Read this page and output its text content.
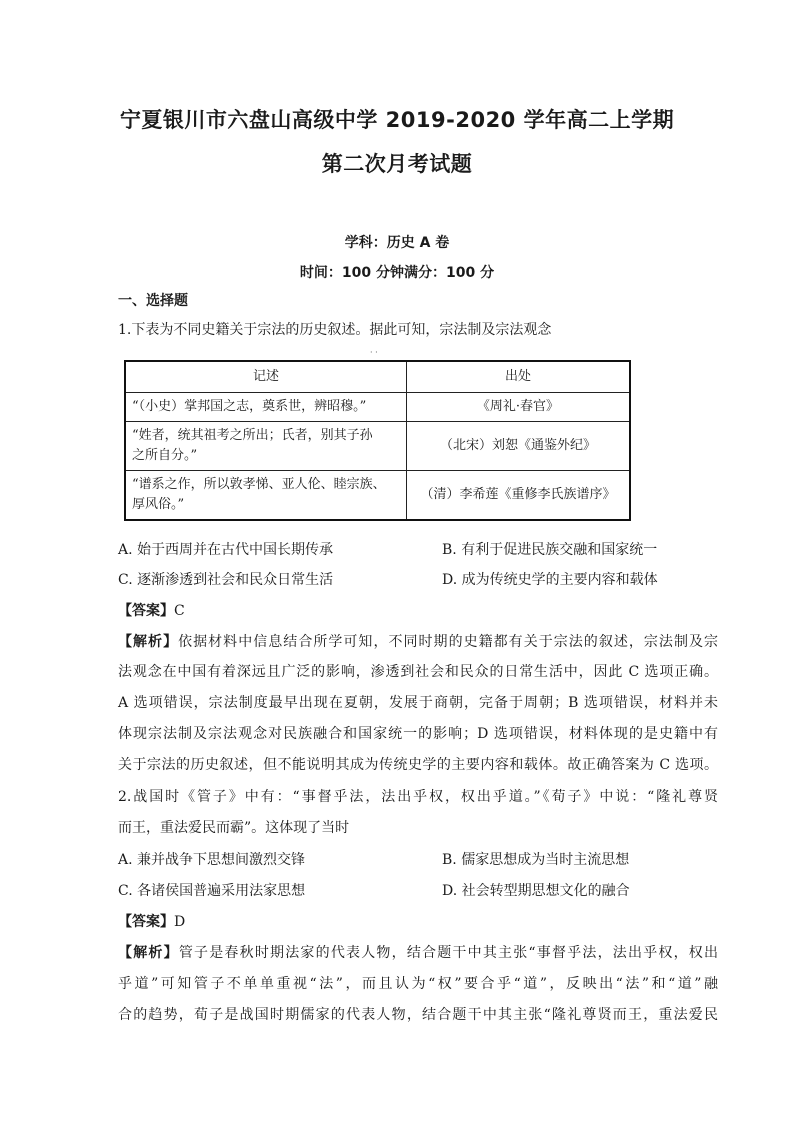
宁夏银川市六盘山高级中学 2019-2020 学年高二上学期
第二次月考试题
学科：历史 A 卷
时间：100 分钟满分：100 分
一、选择题
1.下表为不同史籍关于宗法的历史叙述。据此可知，宗法制及宗法观念
· ·
记述	出处
“（小史）掌邦国之志，奠系世，辨昭穆。”	《周礼·春官》

“姓者，统其祖考之所出；氏者，别其子孙
之所自分。”	（北宋）刘恕《通鉴外纪》

“谱系之作，所以敦孝悌、亚人伦、睦宗族、
厚风俗。”	（清）李希莲《重修李氏族谱序》
A. 始于西周并在古代中国长期传承	B. 有利于促进民族交融和国家统一
C. 逐渐渗透到社会和民众日常生活	D. 成为传统史学的主要内容和载体
【答案】C
【解析】依据材料中信息结合所学可知，不同时期的史籍都有关于宗法的叙述，宗法制及宗
法观念在中国有着深远且广泛的影响，渗透到社会和民众的日常生活中，因此 C 选项正确。
A 选项错误，宗法制度最早出现在夏朝，发展于商朝，完备于周朝；B 选项错误，材料并未
体现宗法制及宗法观念对民族融合和国家统一的影响；D 选项错误，材料体现的是史籍中有
关于宗法的历史叙述，但不能说明其成为传统史学的主要内容和载体。故正确答案为 C 选项。
2.战国时《管子》中有：“事督乎法，法出乎权，权出乎道。”《荀子》中说：“隆礼尊贤
而王，重法爱民而霸”。这体现了当时
A. 兼并战争下思想间激烈交锋	B. 儒家思想成为当时主流思想
C. 各诸侯国普遍采用法家思想	D. 社会转型期思想文化的融合
【答案】D
【解析】管子是春秋时期法家的代表人物，结合题干中其主张“事督乎法，法出乎权，权出
乎道”可知管子不单单重视“法”，而且认为“权”要合乎“道”，反映出“法”和“道”融
合的趋势，荀子是战国时期儒家的代表人物，结合题干中其主张“隆礼尊贤而王，重法爱民
